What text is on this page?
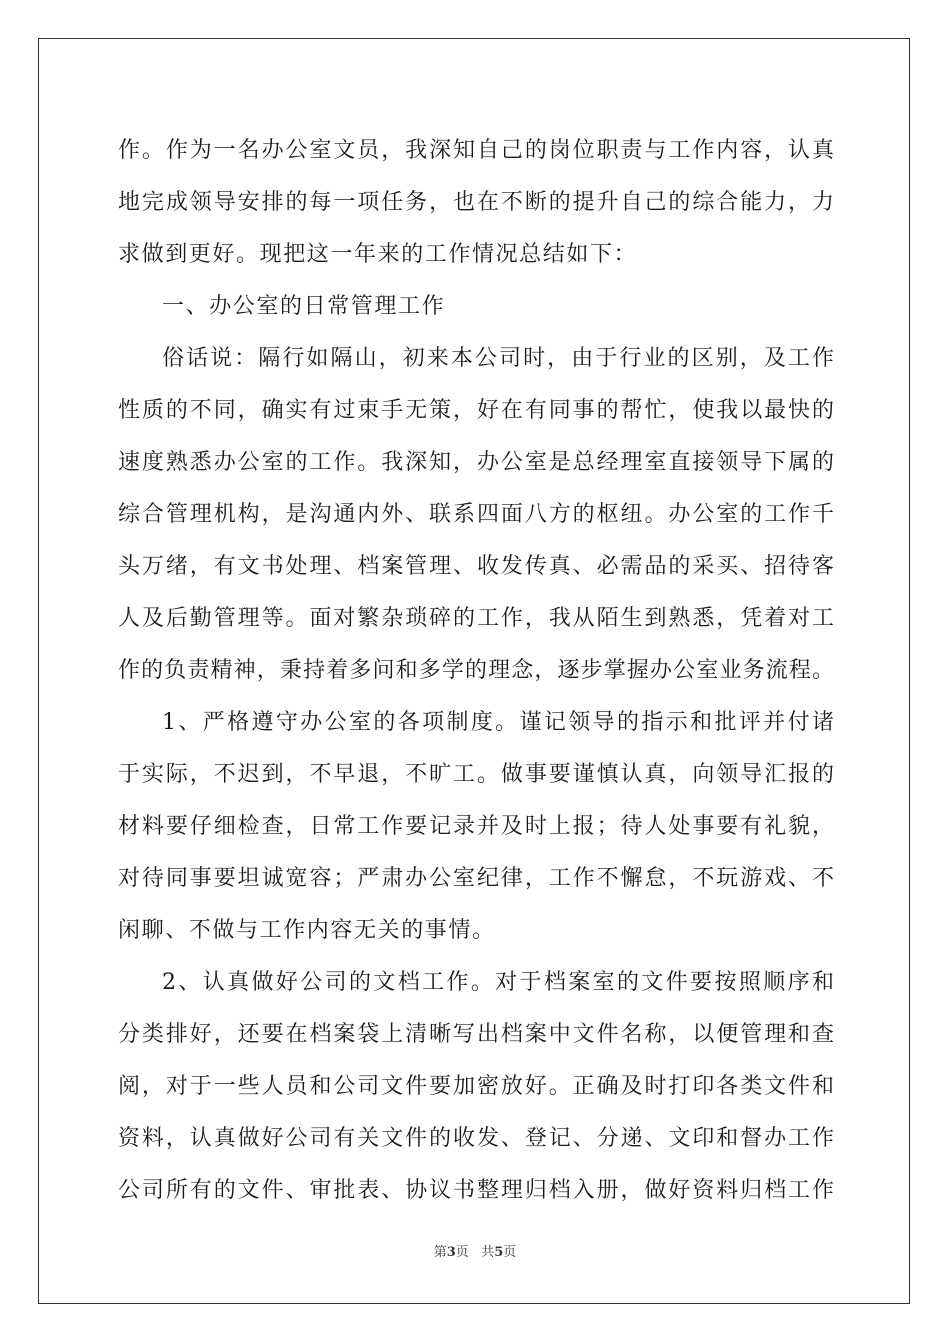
作。作为一名办公室文员，我深知自己的岗位职责与工作内容，认真
地完成领导安排的每一项任务，也在不断的提升自己的综合能力，力
求做到更好。现把这一年来的工作情况总结如下：
一、办公室的日常管理工作
俗话说：隔行如隔山，初来本公司时，由于行业的区别，及工作
性质的不同，确实有过束手无策，好在有同事的帮忙，使我以最快的
速度熟悉办公室的工作。我深知，办公室是总经理室直接领导下属的
综合管理机构，是沟通内外、联系四面八方的枢纽。办公室的工作千
头万绪，有文书处理、档案管理、收发传真、必需品的采买、招待客
人及后勤管理等。面对繁杂琐碎的工作，我从陌生到熟悉，凭着对工
作的负责精神，秉持着多问和多学的理念，逐步掌握办公室业务流程。
1、严格遵守办公室的各项制度。谨记领导的指示和批评并付诸
于实际，不迟到，不早退，不旷工。做事要谨慎认真，向领导汇报的
材料要仔细检查，日常工作要记录并及时上报；待人处事要有礼貌，
对待同事要坦诚宽容；严肃办公室纪律，工作不懈怠，不玩游戏、不
闲聊、不做与工作内容无关的事情。
2、认真做好公司的文档工作。对于档案室的文件要按照顺序和
分类排好，还要在档案袋上清晰写出档案中文件名称，以便管理和查
阅，对于一些人员和公司文件要加密放好。正确及时打印各类文件和
资料，认真做好公司有关文件的收发、登记、分递、文印和督办工作
公司所有的文件、审批表、协议书整理归档入册，做好资料归档工作
第3页 共5页
